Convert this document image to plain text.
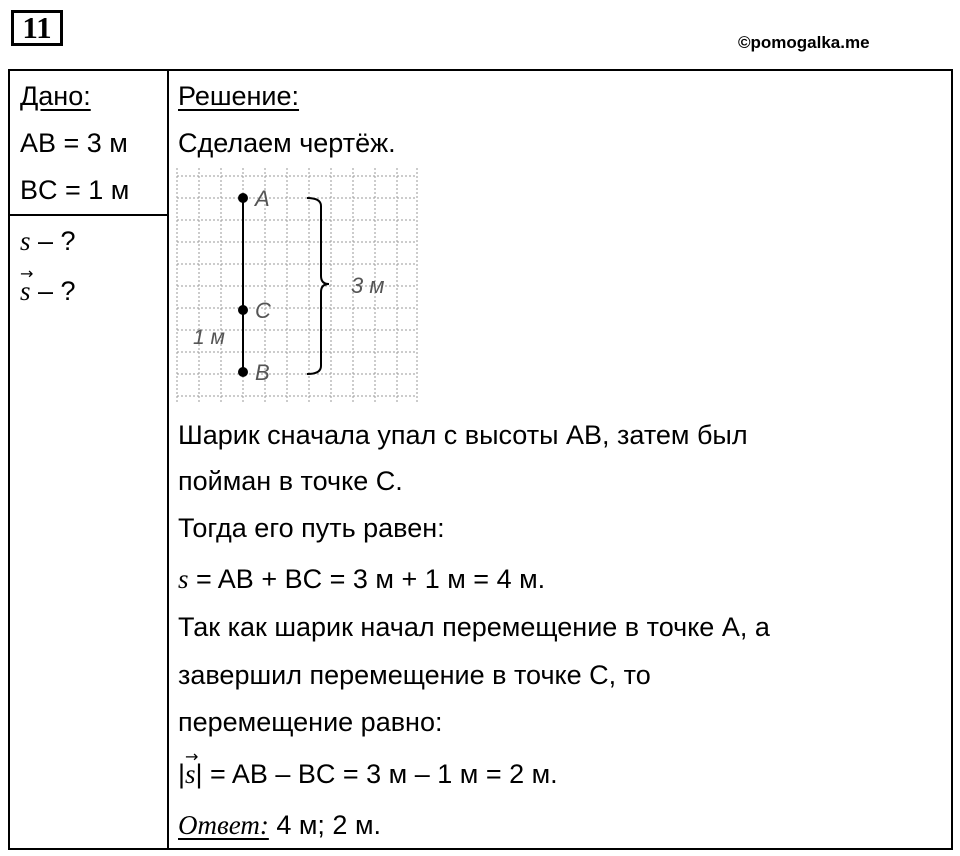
11	©pomogalka.me
Дано:
AB = 3 м
BC = 1 м
s – ?
s → – ?
Решение:
Сделаем чертёж.
Шарик сначала упал с высоты AB, затем был
пойман в точке C.
Тогда его путь равен:
s = AB + BC = 3 м + 1 м = 4 м.
Так как шарик начал перемещение в точке A, а
завершил перемещение в точке C, то
перемещение равно:
|s →| = AB – BC = 3 м – 1 м = 2 м.
Ответ: 4 м; 2 м.
A
C
B
1 м
3 м
